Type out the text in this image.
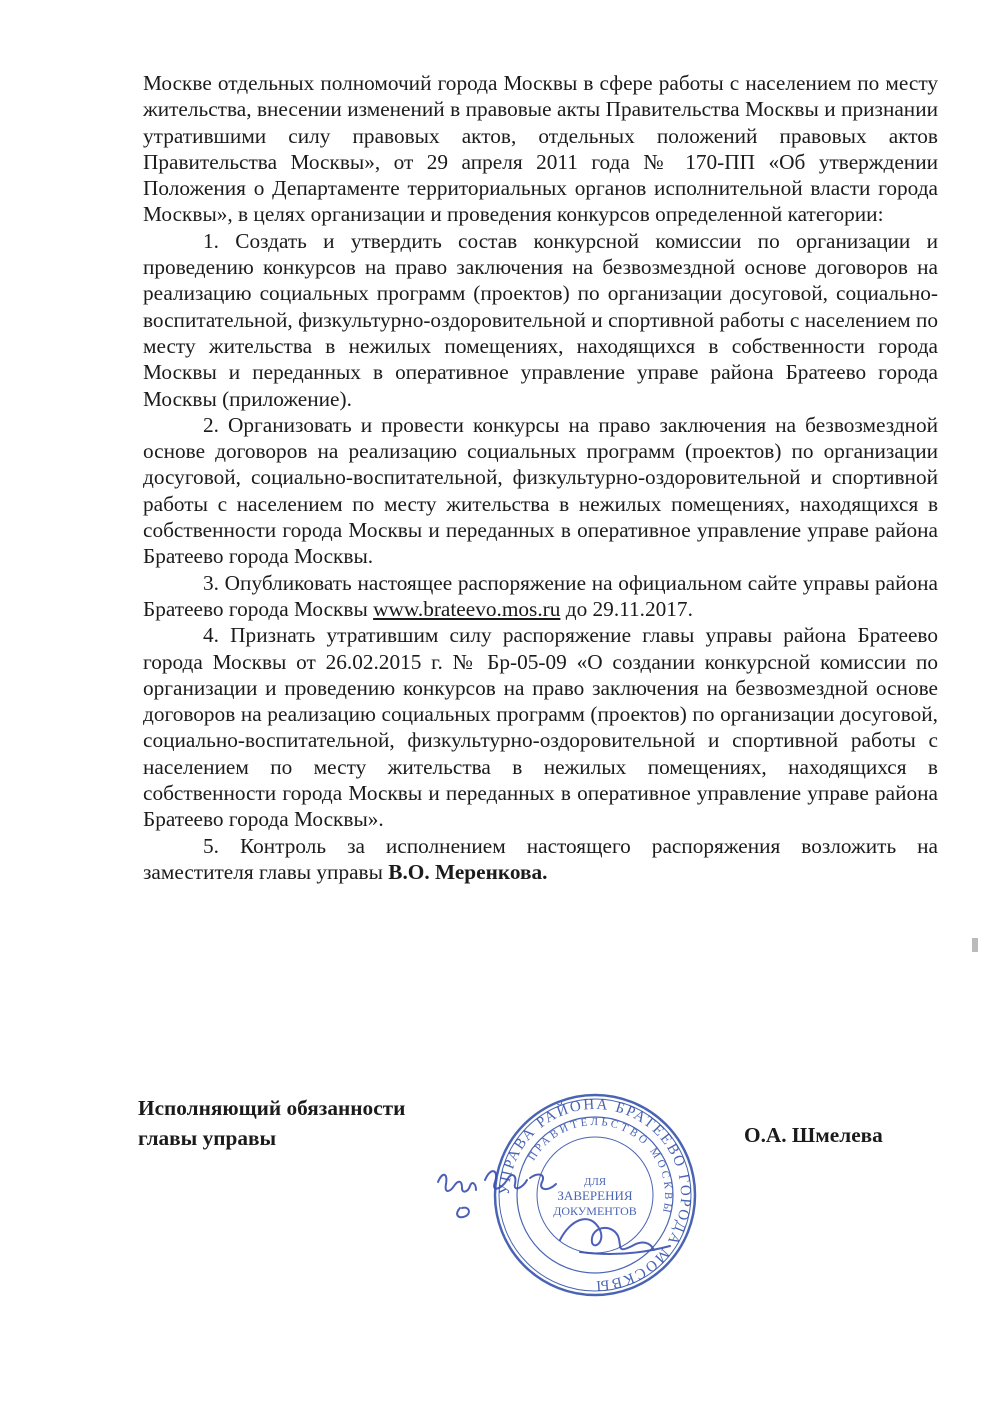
Москве отдельных полномочий города Москвы в сфере работы с населением по месту жительства, внесении изменений в правовые акты Правительства Москвы и признании утратившими силу правовых актов, отдельных положений правовых актов Правительства Москвы», от 29 апреля 2011 года № 170-ПП «Об утверждении Положения о Департаменте территориальных органов исполнительной власти города Москвы», в целях организации и проведения конкурсов определенной категории:

1. Создать и утвердить состав конкурсной комиссии по организации и проведению конкурсов на право заключения на безвозмездной основе договоров на реализацию социальных программ (проектов) по организации досуговой, социально-воспитательной, физкультурно-оздоровительной и спортивной работы с населением по месту жительства в нежилых помещениях, находящихся в собственности города Москвы и переданных в оперативное управление управе района Братеево города Москвы (приложение).

2. Организовать и провести конкурсы на право заключения на безвозмездной основе договоров на реализацию социальных программ (проектов) по организации досуговой, социально-воспитательной, физкультурно-оздоровительной и спортивной работы с населением по месту жительства в нежилых помещениях, находящихся в собственности города Москвы и переданных в оперативное управление управе района Братеево города Москвы.

3. Опубликовать настоящее распоряжение на официальном сайте управы района Братеево города Москвы www.brateevo.mos.ru до 29.11.2017.

4. Признать утратившим силу распоряжение главы управы района Братеево города Москвы от 26.02.2015 г. № Бр-05-09 «О создании конкурсной комиссии по организации и проведению конкурсов на право заключения на безвозмездной основе договоров на реализацию социальных программ (проектов) по организации досуговой, социально-воспитательной, физкультурно-оздоровительной и спортивной работы с населением по месту жительства в нежилых помещениях, находящихся в собственности города Москвы и переданных в оперативное управление управе района Братеево города Москвы».

5. Контроль за исполнением настоящего распоряжения возложить на заместителя главы управы В.О. Меренкова.

Исполняющий обязанности
главы управы	О.А. Шмелева
УПРАВА РАЙОНА БРАТЕЕВО ГОРОДА МОСКВЫ
ПРАВИТЕЛЬСТВО МОСКВЫ
ДЛЯ
ЗАВЕРЕНИЯ
ДОКУМЕНТОВ
